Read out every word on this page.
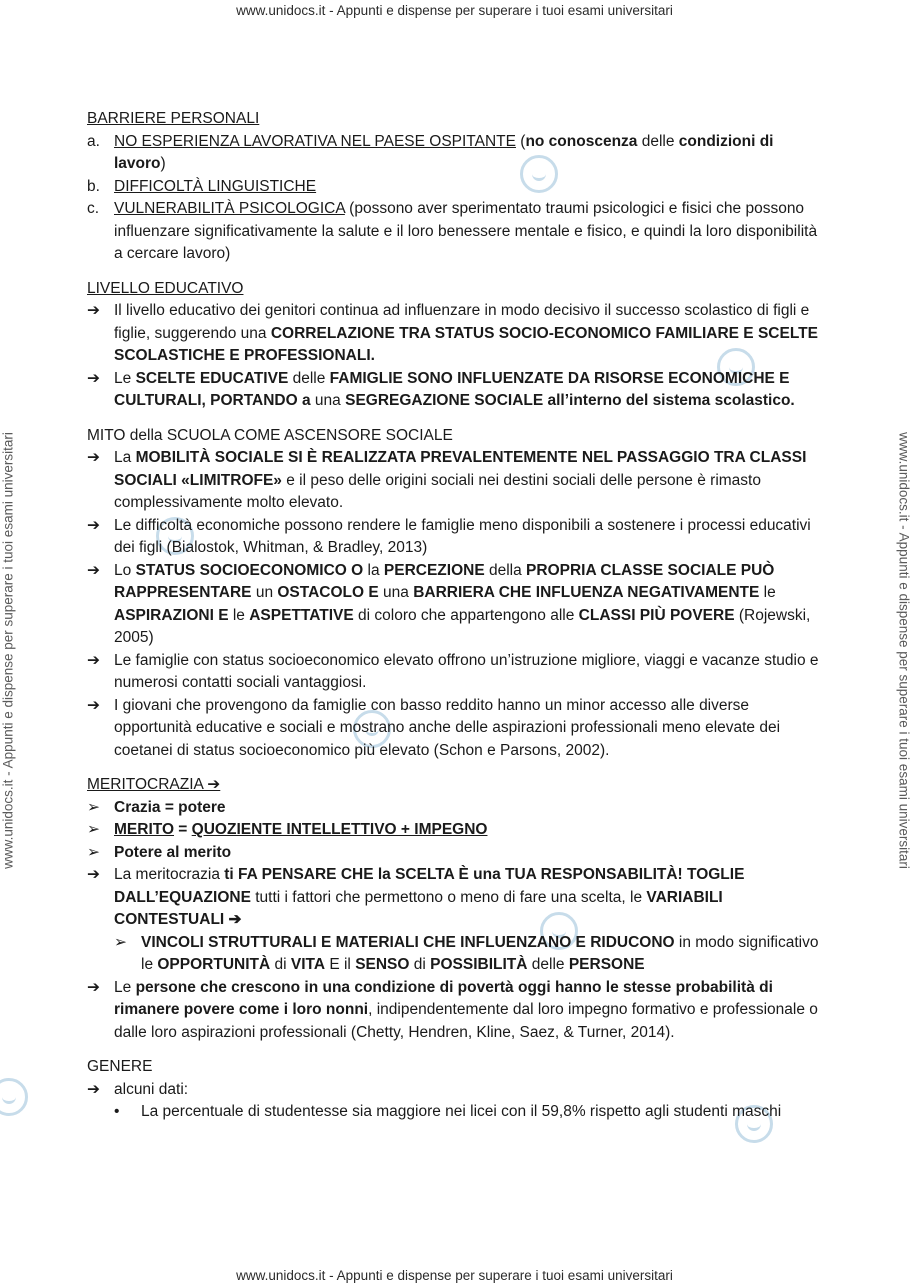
www.unidocs.it - Appunti e dispense per superare i tuoi esami universitari
www.unidocs.it - Appunti e dispense per superare i tuoi esami universitari
www.unidocs.it - Appunti e dispense per superare i tuoi esami universitari	www.unidocs.it - Appunti e dispense per superare i tuoi esami universitari
BARRIERE PERSONALI
a. NO ESPERIENZA LAVORATIVA NEL PAESE OSPITANTE (no conoscenza delle condizioni di lavoro)
b. DIFFICOLTÀ LINGUISTICHE
c. VULNERABILITÀ PSICOLOGICA (possono aver sperimentato traumi psicologici e fisici che possono influenzare significativamente la salute e il loro benessere mentale e fisico, e quindi la loro disponibilità a cercare lavoro)
LIVELLO EDUCATIVO
➔ Il livello educativo dei genitori continua ad influenzare in modo decisivo il successo scolastico di figli e figlie, suggerendo una CORRELAZIONE TRA STATUS SOCIO-ECONOMICO FAMILIARE E SCELTE SCOLASTICHE E PROFESSIONALI.
➔ Le SCELTE EDUCATIVE delle FAMIGLIE SONO INFLUENZATE DA RISORSE ECONOMICHE E CULTURALI, PORTANDO a una SEGREGAZIONE SOCIALE all’interno del sistema scolastico.
MITO della SCUOLA COME ASCENSORE SOCIALE
➔ La MOBILITÀ SOCIALE SI È REALIZZATA PREVALENTEMENTE NEL PASSAGGIO TRA CLASSI SOCIALI «LIMITROFE» e il peso delle origini sociali nei destini sociali delle persone è rimasto complessivamente molto elevato.
➔ Le difficoltà economiche possono rendere le famiglie meno disponibili a sostenere i processi educativi dei figli (Bialostok, Whitman, & Bradley, 2013)
➔ Lo STATUS SOCIOECONOMICO O la PERCEZIONE della PROPRIA CLASSE SOCIALE PUÒ RAPPRESENTARE un OSTACOLO E una BARRIERA CHE INFLUENZA NEGATIVAMENTE le ASPIRAZIONI E le ASPETTATIVE di coloro che appartengono alle CLASSI PIÙ POVERE (Rojewski, 2005)
➔ Le famiglie con status socioeconomico elevato offrono un’istruzione migliore, viaggi e vacanze studio e numerosi contatti sociali vantaggiosi.
➔ I giovani che provengono da famiglie con basso reddito hanno un minor accesso alle diverse opportunità educative e sociali e mostrano anche delle aspirazioni professionali meno elevate dei coetanei di status socioeconomico più elevato (Schon e Parsons, 2002).
MERITOCRAZIA ➔
➢ Crazia = potere
➢ MERITO = QUOZIENTE INTELLETTIVO + IMPEGNO
➢ Potere al merito
➔ La meritocrazia ti FA PENSARE CHE la SCELTA È una TUA RESPONSABILITÀ! TOGLIE DALL’EQUAZIONE tutti i fattori che permettono o meno di fare una scelta, le VARIABILI CONTESTUALI ➔
➢ VINCOLI STRUTTURALI E MATERIALI CHE INFLUENZANO E RIDUCONO in modo significativo le OPPORTUNITÀ di VITA E il SENSO di POSSIBILITÀ delle PERSONE
➔ Le persone che crescono in una condizione di povertà oggi hanno le stesse probabilità di rimanere povere come i loro nonni, indipendentemente dal loro impegno formativo e professionale o dalle loro aspirazioni professionali (Chetty, Hendren, Kline, Saez, & Turner, 2014).
GENERE
➔ alcuni dati:
•	La percentuale di studentesse sia maggiore nei licei con il 59,8% rispetto agli studenti maschi
